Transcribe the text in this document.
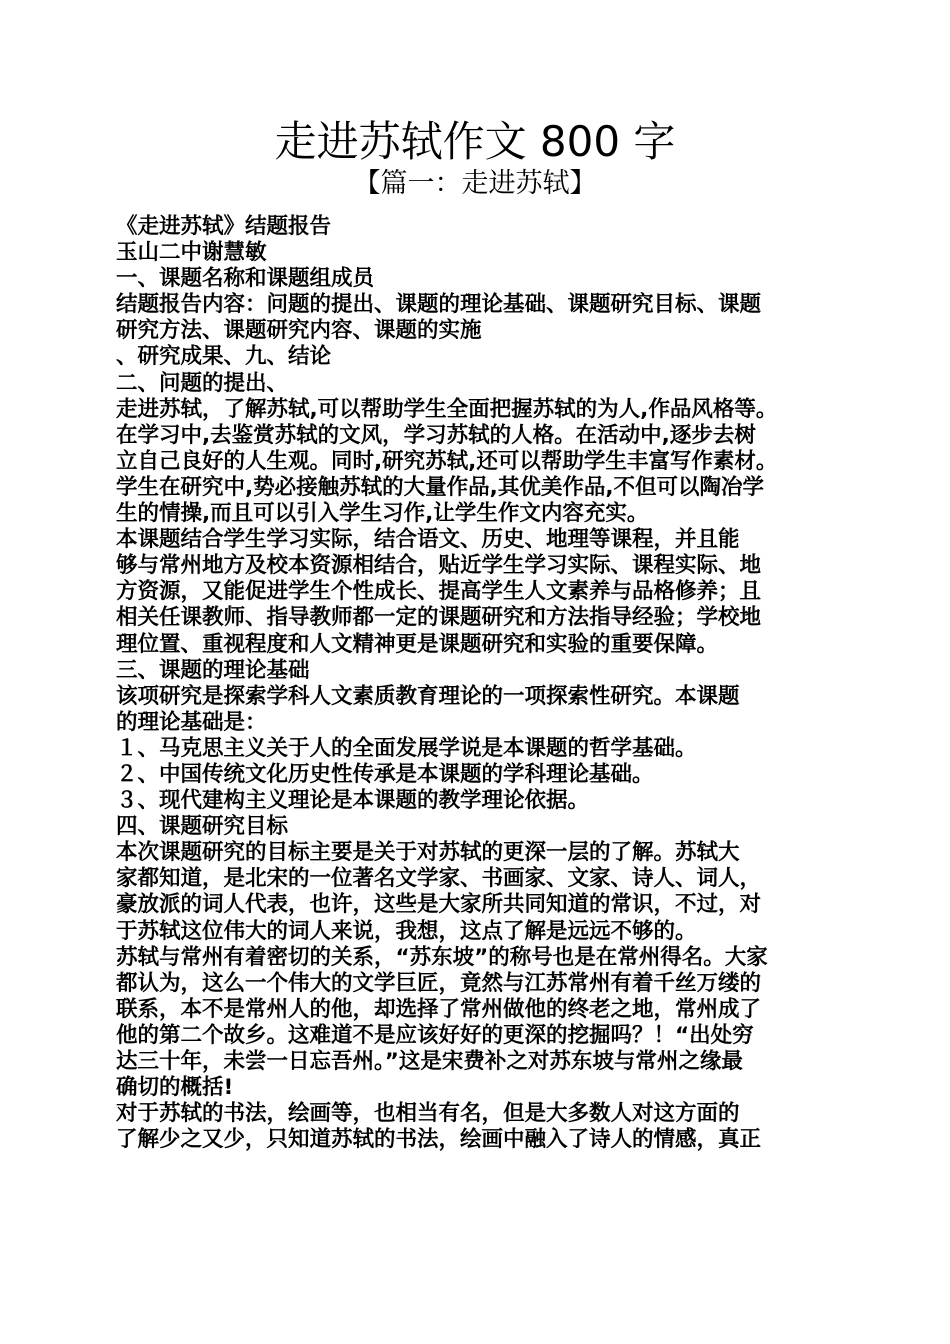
走进苏轼作文 800 字
【篇一：走进苏轼】
《走进苏轼》结题报告
玉山二中谢慧敏
一、课题名称和课题组成员
结题报告内容：问题的提出、课题的理论基础、课题研究目标、课题
研究方法、课题研究内容、课题的实施
、研究成果、九、结论
二、问题的提出、
走进苏轼，了解苏轼,可以帮助学生全面把握苏轼的为人,作品风格等。
在学习中,去鉴赏苏轼的文风，学习苏轼的人格。在活动中,逐步去树
立自己良好的人生观。同时,研究苏轼,还可以帮助学生丰富写作素材。
学生在研究中,势必接触苏轼的大量作品,其优美作品,不但可以陶冶学
生的情操,而且可以引入学生习作,让学生作文内容充实。
本课题结合学生学习实际，结合语文、历史、地理等课程，并且能
够与常州地方及校本资源相结合，贴近学生学习实际、课程实际、地
方资源，又能促进学生个性成长、提高学生人文素养与品格修养；且
相关任课教师、指导教师都一定的课题研究和方法指导经验；学校地
理位置、重视程度和人文精神更是课题研究和实验的重要保障。
三、课题的理论基础
该项研究是探索学科人文素质教育理论的一项探索性研究。本课题
的理论基础是：
１、马克思主义关于人的全面发展学说是本课题的哲学基础。
２、中国传统文化历史性传承是本课题的学科理论基础。
３、现代建构主义理论是本课题的教学理论依据。
四、课题研究目标
本次课题研究的目标主要是关于对苏轼的更深一层的了解。苏轼大
家都知道，是北宋的一位著名文学家、书画家、文家、诗人、词人，
豪放派的词人代表，也许，这些是大家所共同知道的常识，不过，对
于苏轼这位伟大的词人来说，我想，这点了解是远远不够的。
苏轼与常州有着密切的关系，“苏东坡”的称号也是在常州得名。大家
都认为，这么一个伟大的文学巨匠，竟然与江苏常州有着千丝万缕的
联系，本不是常州人的他，却选择了常州做他的终老之地，常州成了
他的第二个故乡。这难道不是应该好好的更深的挖掘吗？！“出处穷
达三十年，未尝一日忘吾州。”这是宋费补之对苏东坡与常州之缘最
确切的概括!
对于苏轼的书法，绘画等，也相当有名，但是大多数人对这方面的
了解少之又少，只知道苏轼的书法，绘画中融入了诗人的情感，真正
